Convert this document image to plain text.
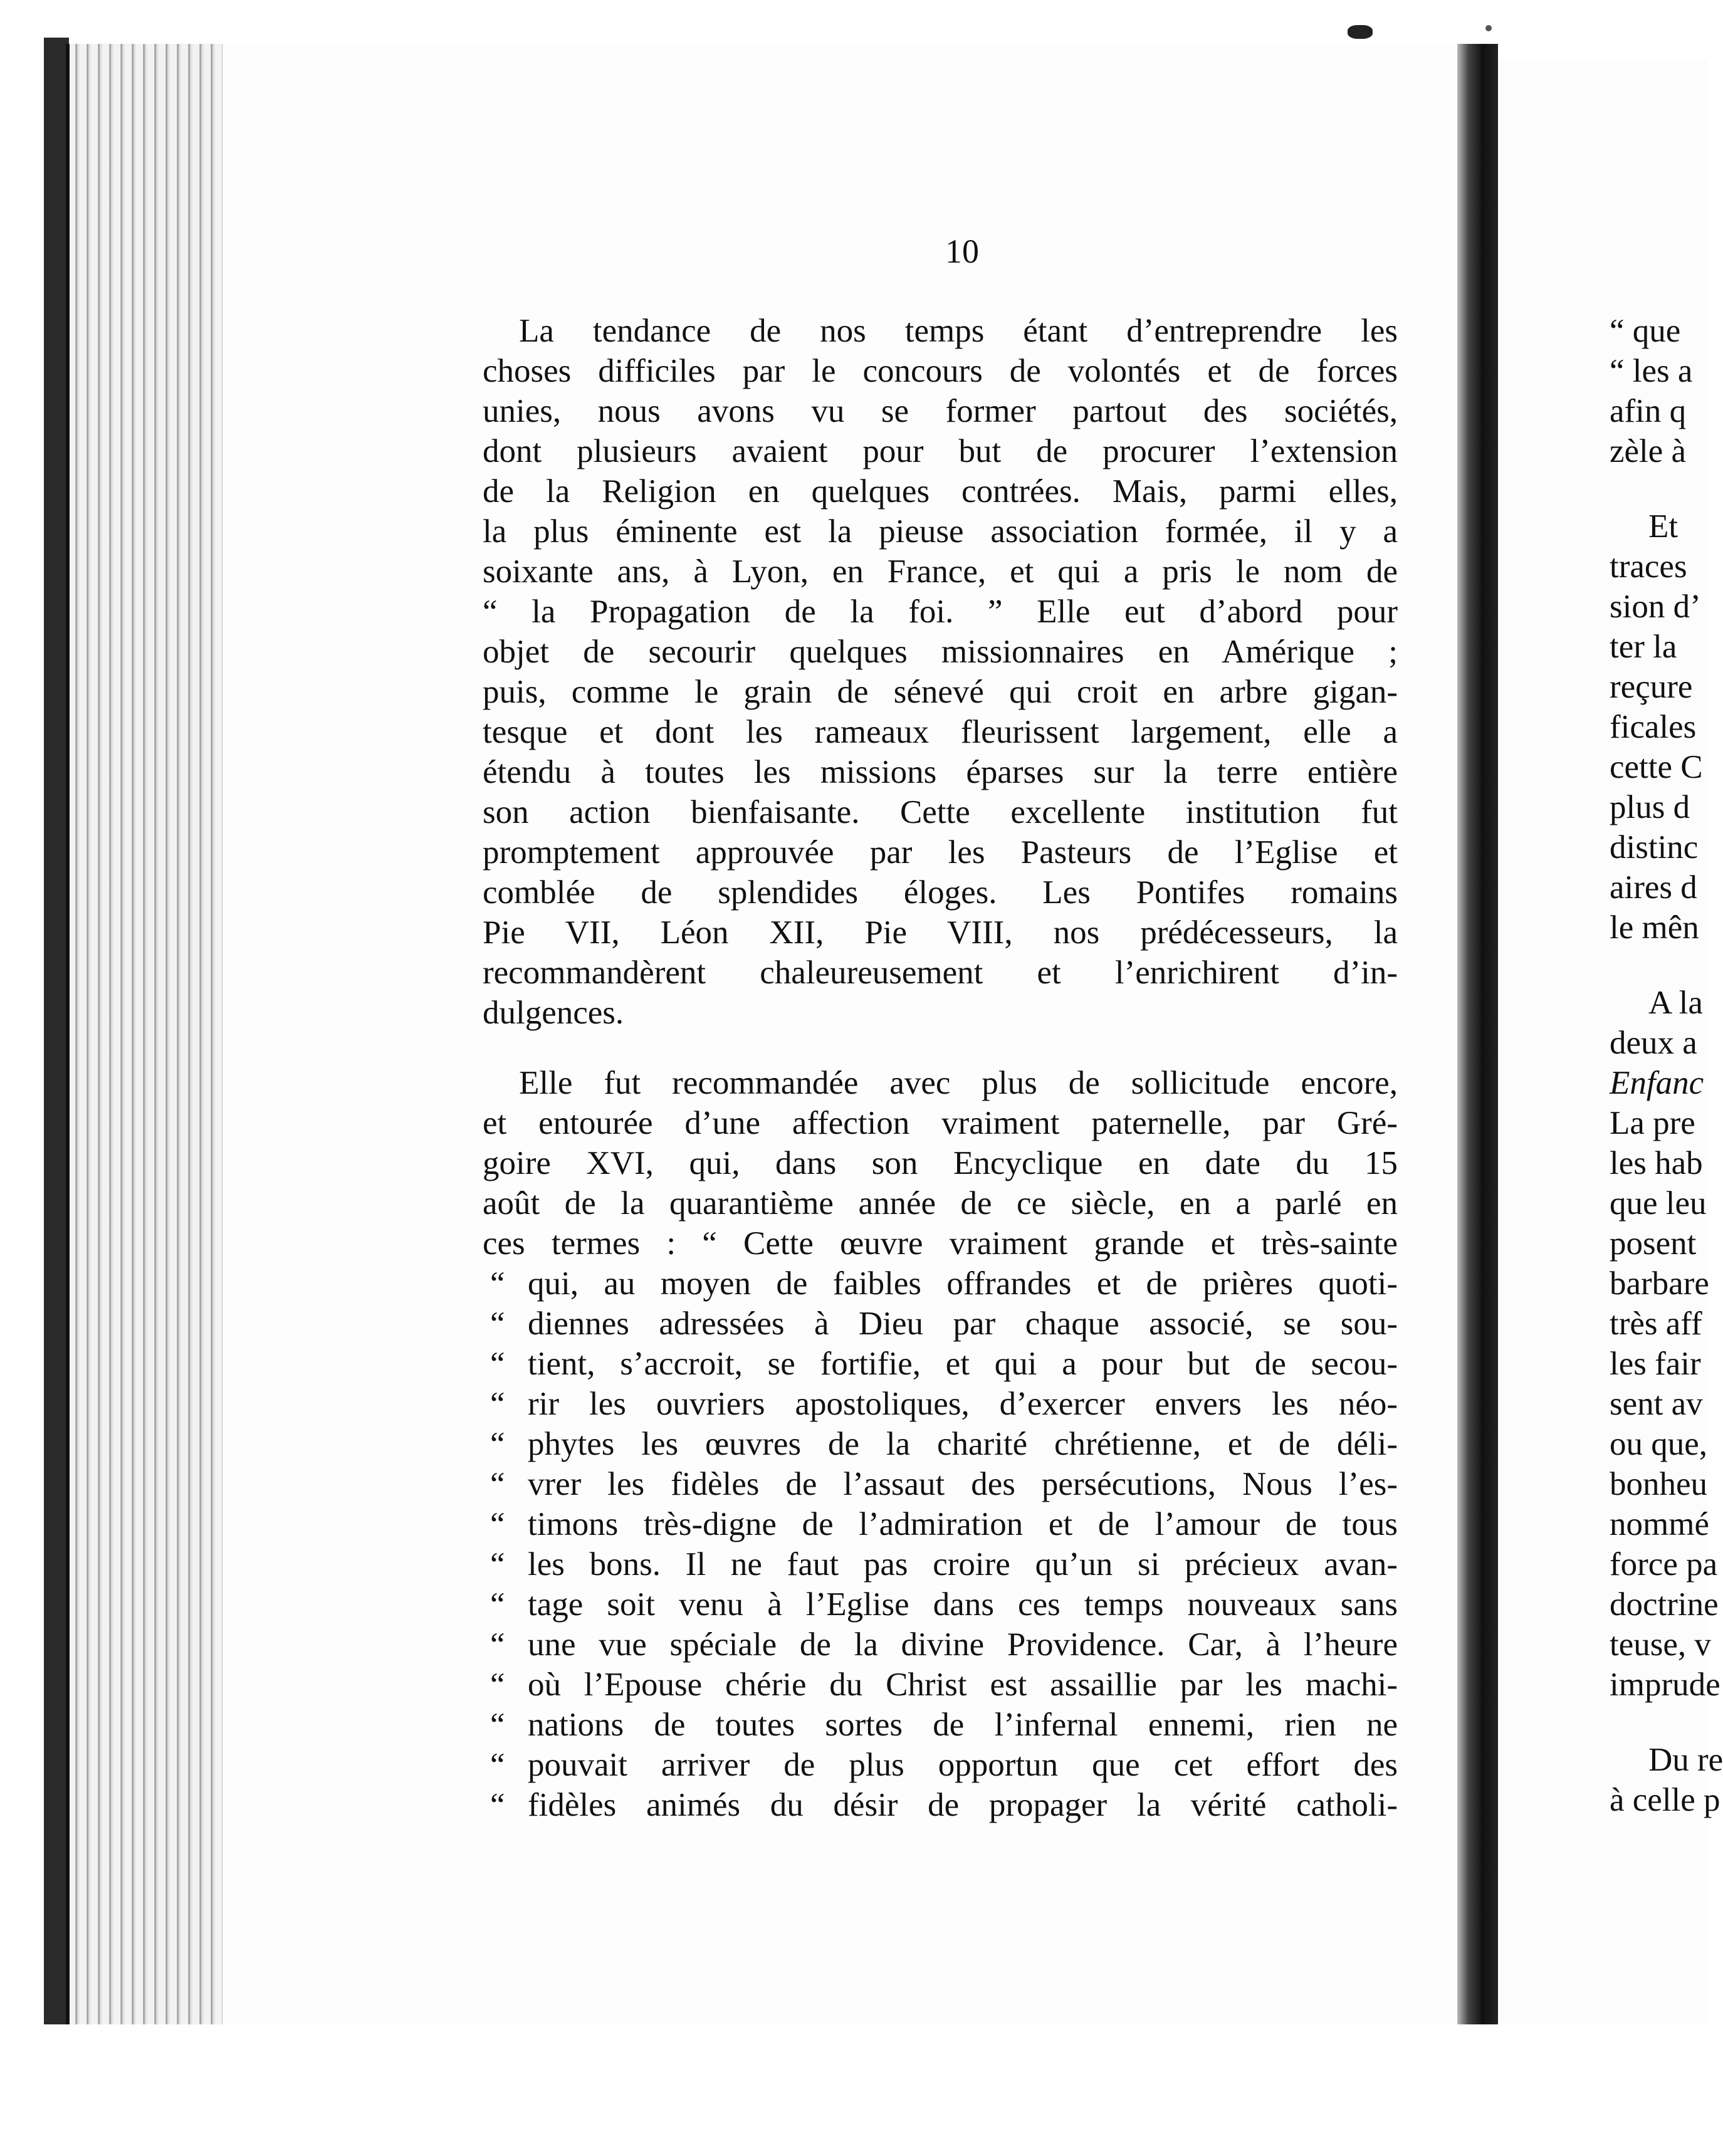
10
La tendance de nos temps étant d’entreprendre les
choses difficiles par le concours de volontés et de forces
unies, nous avons vu se former partout des sociétés,
dont plusieurs avaient pour but de procurer l’extension
de la Religion en quelques contrées. Mais, parmi elles,
la plus éminente est la pieuse association formée, il y a
soixante ans, à Lyon, en France, et qui a pris le nom de
“ la Propagation de la foi. ” Elle eut d’abord pour
objet de secourir quelques missionnaires en Amérique ;
puis, comme le grain de sénevé qui croit en arbre gigan-
tesque et dont les rameaux fleurissent largement, elle a
étendu à toutes les missions éparses sur la terre entière
son action bienfaisante. Cette excellente institution fut
promptement approuvée par les Pasteurs de l’Eglise et
comblée de splendides éloges. Les Pontifes romains
Pie VII, Léon XII, Pie VIII, nos prédécesseurs, la
recommandèrent chaleureusement et l’enrichirent d’in-
dulgences.
Elle fut recommandée avec plus de sollicitude encore,
et entourée d’une affection vraiment paternelle, par Gré-
goire XVI, qui, dans son Encyclique en date du 15
août de la quarantième année de ce siècle, en a parlé en
ces termes : “ Cette œuvre vraiment grande et très-sainte
“ qui, au moyen de faibles offrandes et de prières quoti-
“ diennes adressées à Dieu par chaque associé, se sou-
“ tient, s’accroit, se fortifie, et qui a pour but de secou-
“ rir les ouvriers apostoliques, d’exercer envers les néo-
“ phytes les œuvres de la charité chrétienne, et de déli-
“ vrer les fidèles de l’assaut des persécutions, Nous l’es-
“ timons très-digne de l’admiration et de l’amour de tous
“ les bons. Il ne faut pas croire qu’un si précieux avan-
“ tage soit venu à l’Eglise dans ces temps nouveaux sans
“ une vue spéciale de la divine Providence. Car, à l’heure
“ où l’Epouse chérie du Christ est assaillie par les machi-
“ nations de toutes sortes de l’infernal ennemi, rien ne
“ pouvait arriver de plus opportun que cet effort des
“ fidèles animés du désir de propager la vérité catholi-
“ que
“ les a
afin q
zèle à
Et
traces
sion d’
ter la
reçure
ficales
cette C
plus d
distinc
aires d
le mên
A la
deux a
Enfanc
La pre
les hab
que leu
posent
barbare
très aff
les fair
sent av
ou que,
bonheu
nommé
force pa
doctrine
teuse, v
imprude
Du re
à celle p
